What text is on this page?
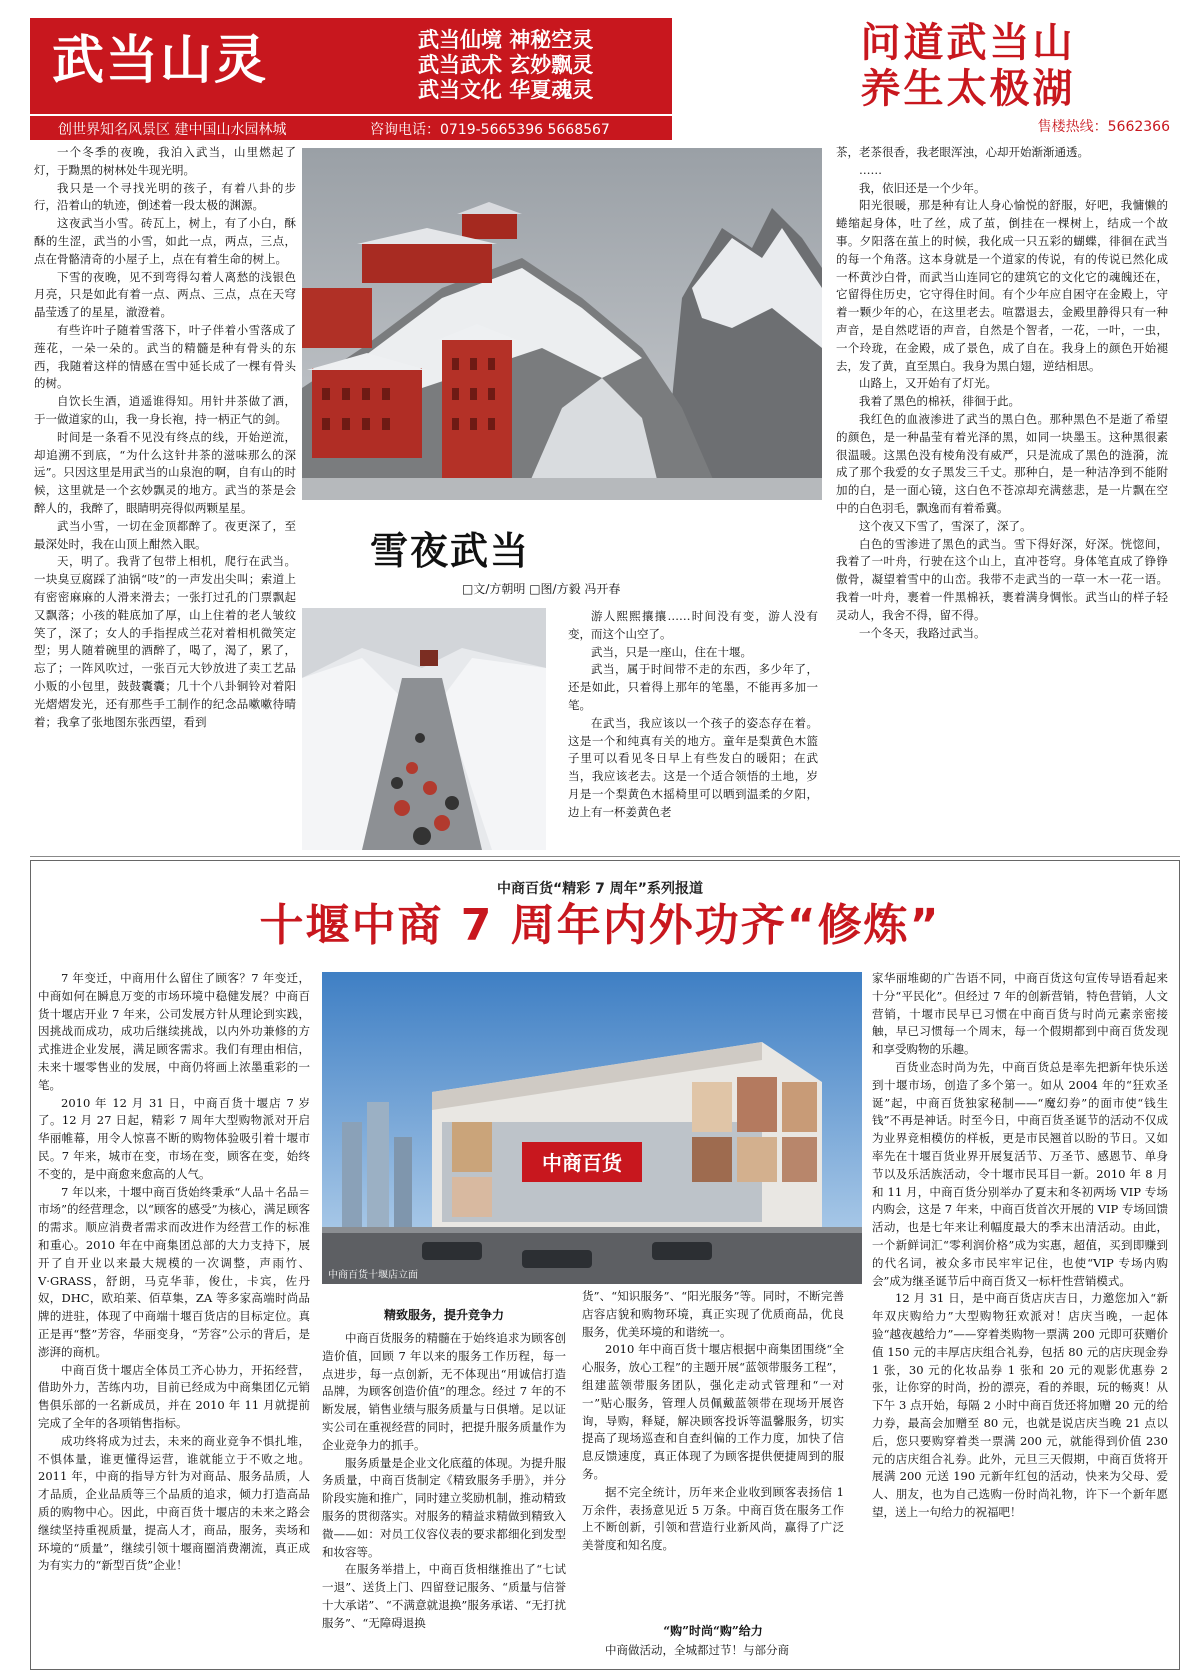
武当山灵	武当仙境 神秘空灵
武当武术 玄妙飘灵
武当文化 华夏魂灵
创世界知名风景区 建中国山水园林城	咨询电话：0719-5665396 5668567
问道武当山
养生太极湖
售楼热线：5662366

一个冬季的夜晚，我泊入武当，山里燃起了灯，于黝黑的树林处牛现光明。

我只是一个寻找光明的孩子，有着八卦的步行，沿着山的轨迹，倒述着一段太极的渊源。

这夜武当小雪。砖瓦上，树上，有了小白，酥酥的生涩，武当的小雪，如此一点，两点，三点，点在骨骼清奇的小屋子上，点在有着生命的树上。

下雪的夜晚，见不到弯得勾着人离愁的浅银色月亮，只是如此有着一点、两点、三点，点在天穹晶莹透了的星星，澈澄着。

有些许叶子随着雪落下，叶子伴着小雪落成了莲花，一朵一朵的。武当的精髓是种有骨头的东西，我随着这样的情感在雪中延长成了一棵有骨头的树。

自饮长生酒，逍遥谁得知。用针井茶做了酒，于一做道家的山，我一身长袍，持一柄正气的剑。

时间是一条看不见没有终点的线，开始逆流，却追溯不到底，“为什么这针井茶的滋味那么的深远”。只因这里是用武当的山泉泡的啊，自有山的时候，这里就是一个玄妙飘灵的地方。武当的茶是会醉人的，我醉了，眼睛明亮得似两颗星星。

武当小雪，一切在金顶都醉了。夜更深了，至最深处时，我在山顶上酣然入眠。

天，明了。我背了包带上相机，爬行在武当。一块臭豆腐踩了油锅“吱”的一声发出尖叫；索道上有密密麻麻的人滑来滑去；一张打过孔的门票飘起又飘落；小孩的鞋底加了厚，山上住着的老人皱纹笑了，深了；女人的手指捏成兰花对着相机微笑定型；男人随着碗里的酒醉了，喝了，渴了，累了，忘了；一阵风吹过，一张百元大钞放进了卖工艺品小贩的小包里，鼓鼓囊囊；几十个八卦铜铃对着阳光熠熠发光，还有那些手工制作的纪念品嗽嗽待晴着；我拿了张地图东张西望，看到

雪夜武当
□文/方朝明 □图/方毅 冯开春

游人熙熙攘攘……时间没有变，游人没有变，而这个山空了。

武当，只是一座山，住在十堰。

武当，属于时间带不走的东西，多少年了，还是如此，只着得上那年的笔墨，不能再多加一笔。

在武当，我应该以一个孩子的姿态存在着。这是一个和纯真有关的地方。童年是梨黄色木篮子里可以看见冬日早上有些发白的暖阳；在武当，我应该老去。这是一个适合领悟的土地，岁月是一个梨黄色木摇椅里可以晒到温柔的夕阳，边上有一杯姜黄色老

茶，老茶很香，我老眼浑浊，心却开始渐渐通透。

……

我，依旧还是一个少年。

阳光很暖，那是种有让人身心愉悦的舒服，好吧，我慵懒的蜷缩起身体，吐了丝，成了茧，倒挂在一棵树上，结成一个故事。夕阳落在茧上的时候，我化成一只五彩的蝴蝶，徘徊在武当的每一个角落。这本身就是一个道家的传说，有的传说已然化成一杯黄沙白骨，而武当山连同它的建筑它的文化它的魂魄还在，它留得住历史，它守得住时间。有个少年应自困守在金殿上，守着一颗少年的心，在这里老去。喧嚣退去，金殿里静得只有一种声音，是自然呓语的声音，自然是个智者，一花，一叶，一虫，一个玲珑，在金殿，成了景色，成了自在。我身上的颜色开始褪去，发了黄，直至黑白。我身为黑白翅，逆结相思。

山路上，又开始有了灯光。

我着了黑色的棉袄，徘徊于此。

我红色的血液渗进了武当的黑白色。那种黑色不是逝了希望的颜色，是一种晶莹有着光泽的黑，如同一块墨玉。这种黑很素很温暖。这黑色没有棱角没有威严，只是流成了黑色的涟漪，流成了那个我爱的女子黑发三千丈。那种白，是一种洁净到不能附加的白，是一面心镜，这白色不苍凉却充满慈悲，是一片飘在空中的白色羽毛，飘逸而有着希冀。

这个夜又下雪了，雪深了，深了。

白色的雪渗进了黑色的武当。雪下得好深，好深。恍惚间，我着了一叶舟，行驶在这个山上，直冲苍穹。身体笔直成了铮铮傲骨，凝望着雪中的山峦。我带不走武当的一草一木一花一语。我着一叶舟，裹着一件黑棉袄，裹着满身惆怅。武当山的样子轻灵动人，我舍不得，留不得。

一个冬天，我路过武当。

中商百货“精彩 7 周年”系列报道
十堰中商 7 周年内外功齐“修炼”

7 年变迁，中商用什么留住了顾客？7 年变迁，中商如何在瞬息万变的市场环境中稳健发展？中商百货十堰店开业 7 年来，公司发展方针从理论到实践，因挑战而成功，成功后继续挑战，以内外功兼修的方式推进企业发展，满足顾客需求。我们有理由相信，未来十堰零售业的发展，中商仍将画上浓墨重彩的一笔。

2010 年 12 月 31 日，中商百货十堰店 7 岁了。12 月 27 日起，精彩 7 周年大型购物派对开启华丽帷幕，用令人惊喜不断的购物体验吸引着十堰市民。7 年来，城市在变，市场在变，顾客在变，始终不变的，是中商愈来愈高的人气。

7 年以来，十堰中商百货始终秉承“人品＋名品＝市场”的经营理念，以“顾客的感受”为核心，满足顾客的需求。顺应消费者需求而改进作为经营工作的标准和重心。2010 年在中商集团总部的大力支持下，展开了自开业以来最大规模的一次调整，声雨竹、V·GRASS，舒朗，马克华菲，俊仕，卡宾，佐丹奴，DHC，欧珀莱、佰草集，ZA 等多家高端时尚品牌的进驻，体现了中商端十堰百货店的目标定位。真正是再“整”芳容，华丽变身，“芳容”公示的背后，是澎湃的商机。

中商百货十堰店全体员工齐心协力，开拓经营，借助外力，苦练内功，目前已经成为中商集团亿元销售俱乐部的一名新成员，并在 2010 年 11 月就提前完成了全年的各项销售指标。

成功终将成为过去，未来的商业竞争不惧扎堆，不惧体量，谁更懂得运营，谁就能立于不败之地。2011 年，中商的指导方针为对商品、服务品质，人才品质，企业品质等三个品质的追求，倾力打造高品质的购物中心。因此，中商百货十堰店的未来之路会继续坚持重视质量，提高人才，商品，服务，卖场和环境的“质量”，继续引领十堰商圈消费潮流，真正成为有实力的“新型百货”企业！

中商百货
中商百货十堰店立面
精致服务，提升竞争力

中商百货服务的精髓在于始终追求为顾客创造价值，回顾 7 年以来的服务工作历程，每一点进步，每一点创新，无不体现出“用诚信打造品牌，为顾客创造价值”的理念。经过 7 年的不断发展，销售业绩与服务质量与日俱增。足以证实公司在重视经营的同时，把提升服务质量作为企业竞争力的抓手。

服务质量是企业文化底蕴的体现。为提升服务质量，中商百货制定《精致服务手册》，并分阶段实施和推广，同时建立奖励机制，推动精致服务的贯彻落实。对服务的精益求精做到精致入微——如：对员工仪容仪表的要求都细化到发型和妆容等。

在服务举措上，中商百货相继推出了“七试一退”、送货上门、四留登记服务、“质量与信誉十大承诺”、“不满意就退换”服务承诺、“无打扰服务”、“无障碍退换

货”、“知识服务”、“阳光服务”等。同时，不断完善店容店貌和购物环境，真正实现了优质商品，优良服务，优美环境的和谐统一。

2010 年中商百货十堰店根据中商集团围绕“全心服务，放心工程”的主题开展“蓝领带服务工程”，组建蓝领带服务团队，强化走动式管理和“一对一”贴心服务，管理人员佩戴蓝领带在现场开展咨询，导购，释疑，解决顾客投诉等温馨服务，切实提高了现场巡查和自查纠偏的工作力度，加快了信息反馈速度，真正体现了为顾客提供便捷周到的服务。

据不完全统计，历年来企业收到顾客表扬信 1 万余件，表扬意见近 5 万条。中商百货在服务工作上不断创新，引领和营造行业新风尚，赢得了广泛美誉度和知名度。

“购”时尚“购”给力

中商做活动，全城都过节！与部分商

家华丽堆砌的广告语不同，中商百货这句宣传导语看起来十分“平民化”。但经过 7 年的创新营销，特色营销，人文营销，十堰市民早已习惯在中商百货与时尚元素亲密接触，早已习惯每一个周末，每一个假期都到中商百货发现和享受购物的乐趣。

百货业态时尚为先，中商百货总是率先把新年快乐送到十堰市场，创造了多个第一。如从 2004 年的“狂欢圣诞”起，中商百货独家秘制——“魔幻券”的面市使“钱生钱”不再是神话。时至今日，中商百货圣诞节的活动不仅成为业界竞相模仿的样板，更是市民翘首以盼的节日。又如率先在十堰百货业界开展复活节、万圣节、感恩节、单身节以及乐活族活动，令十堰市民耳目一新。2010 年 8 月和 11 月，中商百货分别举办了夏末和冬初两场 VIP 专场内购会，这是 7 年来，中商百货首次开展的 VIP 专场回馈活动，也是七年来让利幅度最大的季末出清活动。由此，一个新鲜词汇“零利润价格”成为实惠，超值，买到即赚到的代名词，被众多市民牢牢记住，也使“VIP 专场内购会”成为继圣诞节后中商百货又一标杆性营销模式。

12 月 31 日，是中商百货店庆吉日，力邀您加入“新年双庆购给力”大型购物狂欢派对！店庆当晚，一起体验“越夜越给力”——穿着类购物一票满 200 元即可获赠价值 150 元的丰厚店庆组合礼券，包括 80 元的店庆现金券 1 张，30 元的化妆品券 1 张和 20 元的观影优惠券 2 张，让你穿的时尚，扮的漂亮，看的养眼，玩的畅爽！从下午 3 点开始，每隔 2 小时中商百货还将加赠 20 元的给力券，最高会加赠至 80 元，也就是说店庆当晚 21 点以后，您只要购穿着类一票满 200 元，就能得到价值 230 元的店庆组合礼券。此外，元旦三天假期，中商百货将开展满 200 元送 190 元新年红包的活动，快来为父母、爱人、朋友，也为自己选购一份时尚礼物，许下一个新年愿望，送上一句给力的祝福吧！
